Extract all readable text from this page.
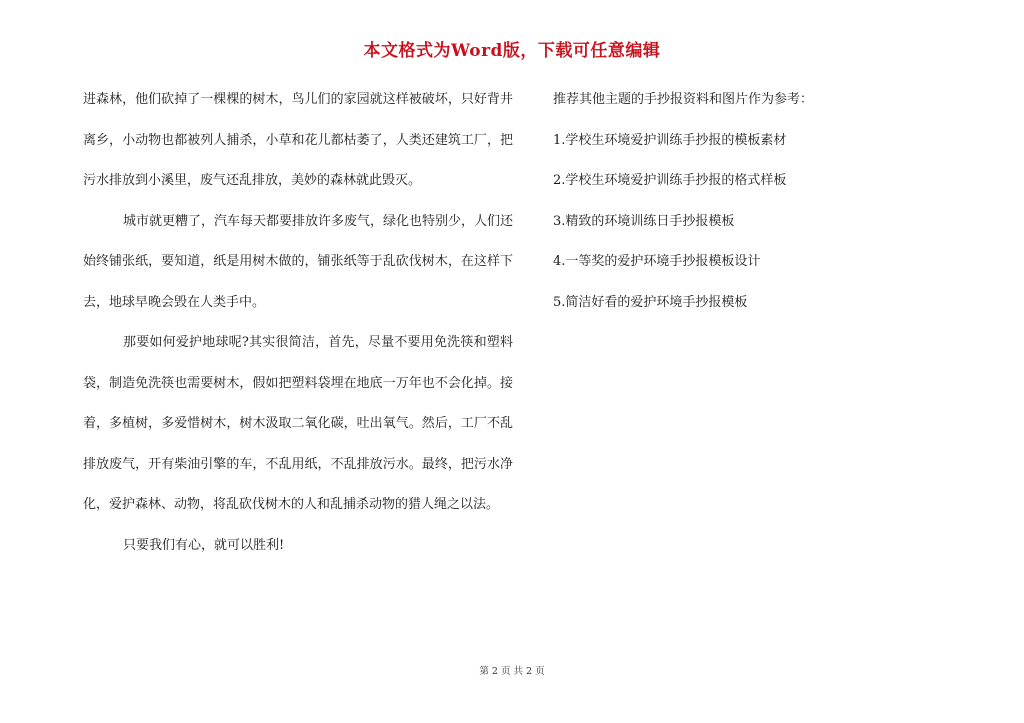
本文格式为Word版，下载可任意编辑

进森林，他们砍掉了一棵棵的树木，鸟儿们的家园就这样被破坏，只好背井离乡，小动物也都被列人捕杀，小草和花儿都枯萎了，人类还建筑工厂，把污水排放到小溪里，废气还乱排放，美妙的森林就此毁灭。

城市就更糟了，汽车每天都要排放许多废气，绿化也特别少，人们还始终铺张纸，要知道，纸是用树木做的，铺张纸等于乱砍伐树木，在这样下去，地球早晚会毁在人类手中。

那要如何爱护地球呢?其实很简洁，首先，尽量不要用免洗筷和塑料袋，制造免洗筷也需要树木，假如把塑料袋埋在地底一万年也不会化掉。接着，多植树，多爱惜树木，树木汲取二氧化碳，吐出氧气。然后，工厂不乱排放废气，开有柴油引擎的车，不乱用纸，不乱排放污水。最终，把污水净化，爱护森林、动物，将乱砍伐树木的人和乱捕杀动物的猎人绳之以法。

只要我们有心，就可以胜利!

推荐其他主题的手抄报资料和图片作为参考：

1.学校生环境爱护训练手抄报的模板素材

2.学校生环境爱护训练手抄报的格式样板

3.精致的环境训练日手抄报模板

4.一等奖的爱护环境手抄报模板设计

5.简洁好看的爱护环境手抄报模板

第 2 页 共 2 页
